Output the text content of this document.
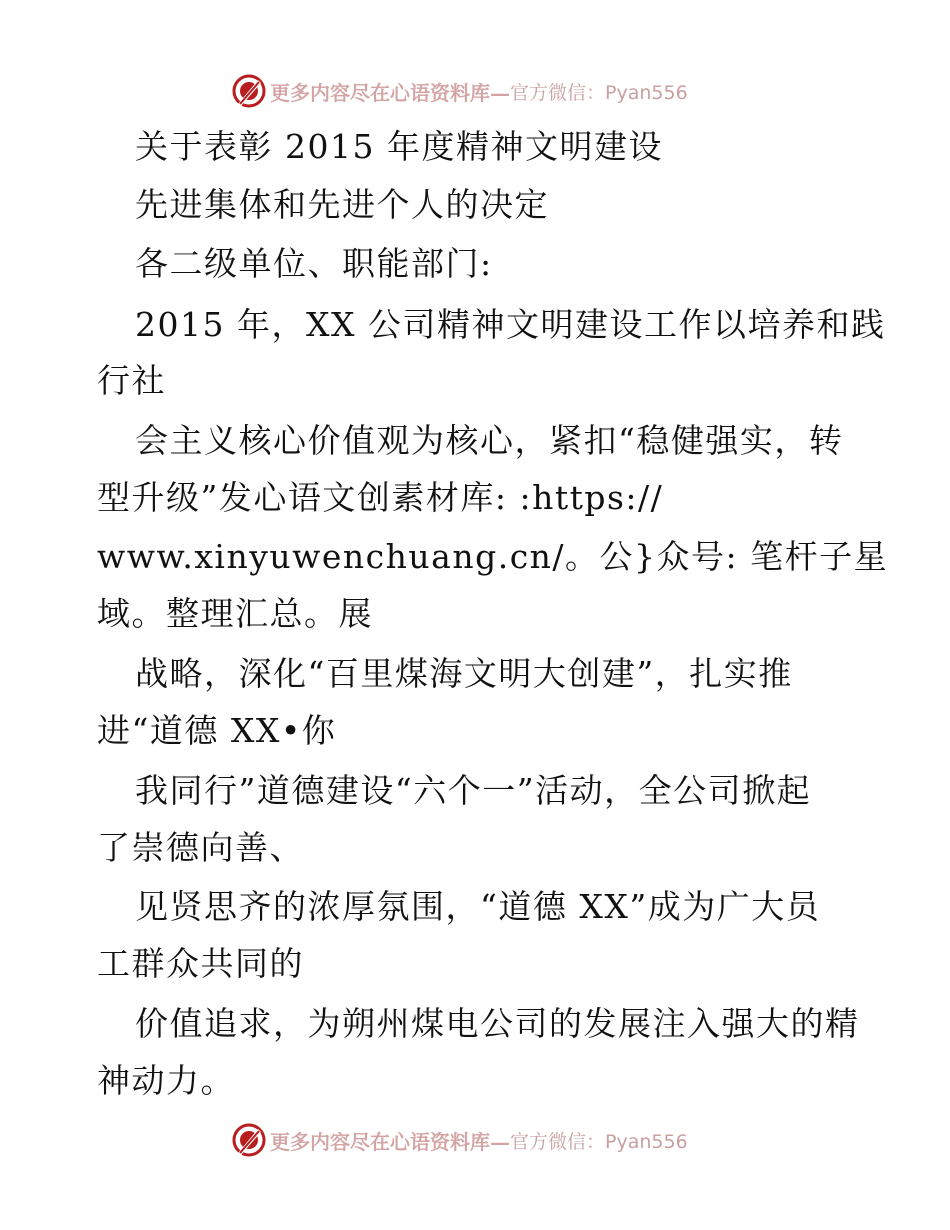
更多内容尽在心语资料库— 官方微信：Pyan556
关于表彰 2015 年度精神文明建设
先进集体和先进个人的决定
各二级单位、职能部门:
2015 年，XX 公司精神文明建设工作以培养和践
行社
会主义核心价值观为核心，紧扣“稳健强实，转
型升级”发心语文创素材库: :https://
www.xinyuwenchuang.cn/。公}众号: 笔杆子星
域。整理汇总。展
战略，深化“百里煤海文明大创建”，扎实推
进“道德 XX•你
我同行”道德建设“六个一”活动，全公司掀起
了崇德向善、
见贤思齐的浓厚氛围，“道德 XX”成为广大员
工群众共同的
价值追求，为朔州煤电公司的发展注入强大的精
神动力。
更多内容尽在心语资料库— 官方微信：Pyan556
